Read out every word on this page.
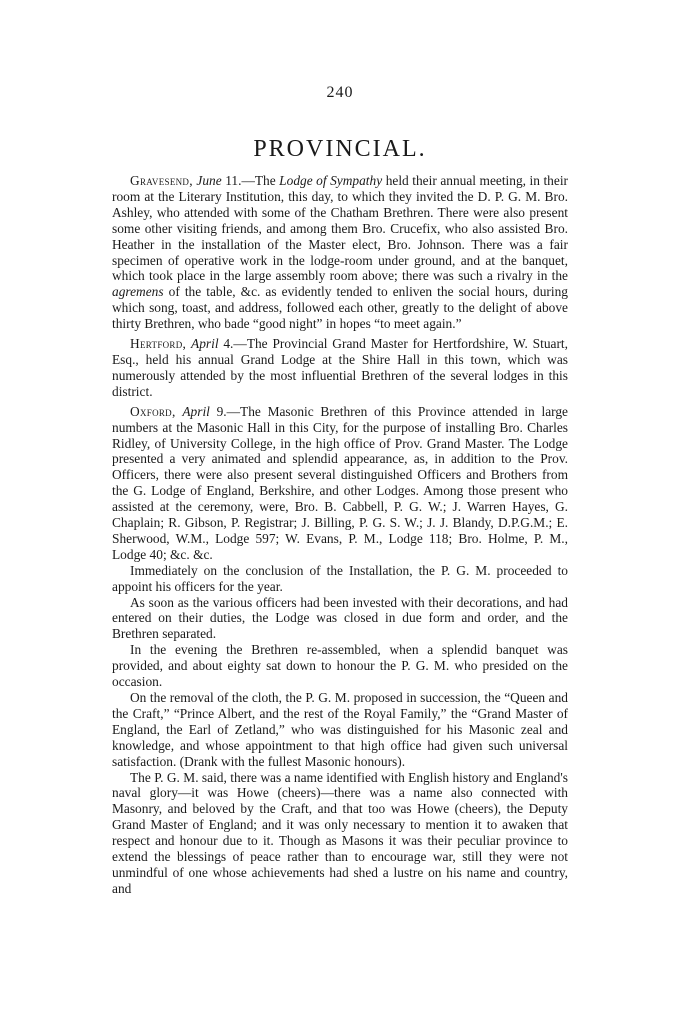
240
PROVINCIAL.

Gravesend, June 11.—The Lodge of Sympathy held their annual meeting, in their room at the Literary Institution, this day, to which they invited the D. P. G. M. Bro. Ashley, who attended with some of the Chatham Brethren. There were also present some other visiting friends, and among them Bro. Crucefix, who also assisted Bro. Heather in the installation of the Master elect, Bro. Johnson. There was a fair specimen of operative work in the lodge-room under ground, and at the banquet, which took place in the large assembly room above; there was such a rivalry in the agremens of the table, &c. as evidently tended to enliven the social hours, during which song, toast, and address, followed each other, greatly to the delight of above thirty Brethren, who bade “good night” in hopes “to meet again.”

Hertford, April 4.—The Provincial Grand Master for Hertfordshire, W. Stuart, Esq., held his annual Grand Lodge at the Shire Hall in this town, which was numerously attended by the most influential Brethren of the several lodges in this district.

Oxford, April 9.—The Masonic Brethren of this Province attended in large numbers at the Masonic Hall in this City, for the purpose of installing Bro. Charles Ridley, of University College, in the high office of Prov. Grand Master. The Lodge presented a very animated and splendid appearance, as, in addition to the Prov. Officers, there were also present several distinguished Officers and Brothers from the G. Lodge of England, Berkshire, and other Lodges. Among those present who assisted at the ceremony, were, Bro. B. Cabbell, P. G. W.; J. Warren Hayes, G. Chaplain; R. Gibson, P. Registrar; J. Billing, P. G. S. W.; J. J. Blandy, D.P.G.M.; E. Sherwood, W.M., Lodge 597; W. Evans, P. M., Lodge 118; Bro. Holme, P. M., Lodge 40; &c. &c.

Immediately on the conclusion of the Installation, the P. G. M. proceeded to appoint his officers for the year.

As soon as the various officers had been invested with their decorations, and had entered on their duties, the Lodge was closed in due form and order, and the Brethren separated.

In the evening the Brethren re-assembled, when a splendid banquet was provided, and about eighty sat down to honour the P. G. M. who presided on the occasion.

On the removal of the cloth, the P. G. M. proposed in succession, the “Queen and the Craft,” “Prince Albert, and the rest of the Royal Family,” the “Grand Master of England, the Earl of Zetland,” who was distinguished for his Masonic zeal and knowledge, and whose appointment to that high office had given such universal satisfaction. (Drank with the fullest Masonic honours).

The P. G. M. said, there was a name identified with English history and England's naval glory—it was Howe (cheers)—there was a name also connected with Masonry, and beloved by the Craft, and that too was Howe (cheers), the Deputy Grand Master of England; and it was only necessary to mention it to awaken that respect and honour due to it. Though as Masons it was their peculiar province to extend the blessings of peace rather than to encourage war, still they were not unmindful of one whose achievements had shed a lustre on his name and country, and
